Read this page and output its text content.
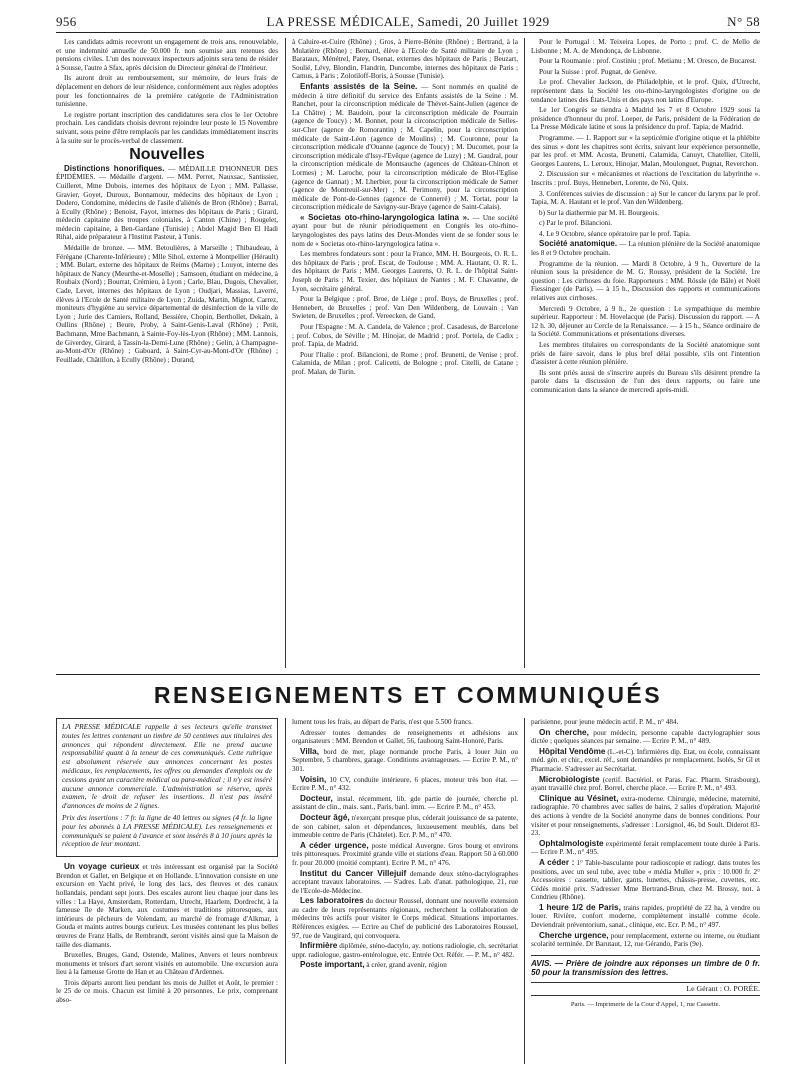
956	LA PRESSE MÉDICALE, Samedi, 20 Juillet 1929	N° 58

Les candidats admis recevront un engagement de trois ans, renouvelable, et une indemnité annuelle de 50.000 fr. non soumise aux retenues des pensions civiles. L'un des nouveaux inspecteurs adjoints sera tenu de résider à Sousse, l'autre à Sfax, après décision du Directeur général de l'Intérieur.

Ils auront droit au remboursement, sur mémoire, de leurs frais de déplacement en dehors de leur résidence, conformément aux règles adoptées pour les fonctionnaires de la première catégorie de l'Administration tunisienne.

Le registre portant inscription des candidatures sera clos le 1er Octobre prochain. Les candidats choisis devront rejoindre leur poste le 15 Novembre suivant, sous peine d'être remplacés par les candidats immédiatement inscrits à la suite sur le procès-verbal de classement.

Nouvelles

Distinctions honorifiques. — MÉDAILLE D'HONNEUR DES ÉPIDÉMIES. — Médaille d'argent. — MM. Perret, Nauxsac, Santissier, Cuilleret, Mme Dubois, internes des hôpitaux de Lyon ; MM. Pallasse, Gravier, Goyet, Duroux, Bonnamour, médecins des hôpitaux de Lyon ; Dodero, Condomine, médecins de l'asile d'aliénés de Bron (Rhône) ; Barral, à Ecully (Rhône) ; Benoist, Fayot, internes des hôpitaux de Paris ; Girard, médecin capitaine des troupes coloniales, à Canton (Chine) ; Rougelet, médecin capitaine, à Ben-Gardane (Tunisie) ; Abdel Magid Ben El Hadi Rihal, aide préparateur à l'Institut Pasteur, à Tunis.

Médaille de bronze. — MM. Betoulières, à Marseille ; Thibaudeau, à Férégane (Charente-Inférieure) ; Mlle Sihol, externe à Montpellier (Hérault) ; MM. Bulart, externe des hôpitaux de Reims (Marne) ; Louyot, interne des hôpitaux de Nancy (Meurthe-et-Moselle) ; Samsoen, étudiant en médecine, à Roubaix (Nord) ; Bourrat, Crémieu, à Lyon ; Carle, Blau, Dugois, Chevalier, Cade, Levet, internes des hôpitaux de Lyon ; Oudjari, Massias, Laverré, élèves à l'Ecole de Santé militaire de Lyon ; Zuida, Martin, Mignot, Carrez, moniteurs d'hygiène au service départemental de désinfection de la ville de Lyon ; Jurie des Camiers, Rolland, Bessière, Chopin, Berthollet, Dekain, à Oullins (Rhône) ; Beure, Proby, à Saint-Genis-Laval (Rhône) ; Petit, Bachmann, Mme Bachmann, à Sainte-Foy-lès-Lyon (Rhône) ; MM. Lannois, de Giverdey, Girard, à Tassin-la-Demi-Lune (Rhône) ; Gelin, à Champagne-au-Mont-d'Or (Rhône) ; Gaboard, à Saint-Cyr-au-Mont-d'Or (Rhône) ; Feuillade, Châtillon, à Ecully (Rhône) ; Durand,

à Caluire-et-Cuire (Rhône) ; Gros, à Pierre-Bénite (Rhône) ; Bertrand, à la Mulatière (Rhône) ; Bernard, élève à l'Ecole de Santé militaire de Lyon ; Barataux, Ménétrel, Patey, Osenat, externes des hôpitaux de Paris ; Beuzart, Soulié, Lévy, Blondin, Flandrin, Duncombe, internes des hôpitaux de Paris ; Camus, à Paris ; Zolotiloff-Boris, à Sousse (Tunisie).

Enfants assistés de la Seine. — Sont nommés en qualité de médecin à titre définitif du service des Enfants assistés de la Seine : M. Ranchet, pour la circonscription médicale de Thévet-Saint-Julien (agence de La Châtre) ; M. Baudoin, pour la circonscription médicale de Pourrain (agence de Toucy) ; M. Bonnet, pour la circonscription médicale de Selles-sur-Cher (agence de Romorantin) ; M. Capelin, pour la circonscription médicale de Saint-Léon (agence de Moulins) ; M. Couronne, pour la circonscription médicale d'Ouanne (agence de Toucy) ; M. Ducomet, pour la circonscription médicale d'Issy-l'Evêque (agence de Luzy) ; M. Gaudral, pour la circonscription médicale de Montsauche (agences de Château-Chinon et Lormes) ; M. Laroche, pour la circonscription médicale de Blot-l'Eglise (agence de Gannat) ; M. Lherbier, pour la circonscription médicale de Samer (agence de Montreuil-sur-Mer) ; M. Perimony, pour la circonscription médicale de Pont-de-Gennes (agence de Connerré) ; M. Tortat, pour la circonscription médicale de Savigny-sur-Braye (agence de Saint-Calais).

« Societas oto-rhino-laryngologica latina ». — Une société ayant pour but de réunir périodiquement en Congrès les oto-rhino-laryngologistes des pays latins des Deux-Mondes vient de se fonder sous le nom de « Societas oto-rhino-laryngologica latina ».

Les membres fondateurs sont : pour la France, MM. H. Bourgeois, O. R. L. des hôpitaux de Paris ; prof. Escat, de Toulouse ; MM. A. Hautant, O. R. L. des hôpitaux de Paris ; MM. Georges Laurens, O. R. L. de l'hôpital Saint-Joseph de Paris ; M. Texier, des hôpitaux de Nantes ; M. F. Chavanne, de Lyon, secrétaire général.

Pour la Belgique : prof. Broe, de Liège ; prof. Buys, de Bruxelles ; prof. Hennebert, de Bruxelles ; prof. Van Den Wildenberg, de Louvain ; Van Swieten, de Bruxelles ; prof. Vereecken, de Gand.

Pour l'Espagne : M. A. Candela, de Valence ; prof. Casadesus, de Barcelone ; prof. Cobos, de Séville ; M. Hinojar, de Madrid ; prof. Portela, de Cadix ; prof. Tapia, de Madrid.

Pour l'Italie : prof. Bilancioni, de Rome ; prof. Brunetti, de Venise ; prof. Calamida, de Milan ; prof. Calicetti, de Bologne ; prof. Citelli, de Catane ; prof. Malan, de Turin.

Pour le Portugal : M. Teixeira Lopes, de Porto ; prof. C. de Mello de Lisbonne ; M. A. de Mendonça, de Lisbonne.

Pour la Roumanie : prof. Costiniu ; prof. Metianu ; M. Oresco, de Bucarest.

Pour la Suisse : prof. Pugnat, de Genève.

Le prof. Chevalier Jackson, de Philadelphie, et le prof. Quix, d'Utrecht, représentent dans la Société les oto-rhino-laryngologistes d'origine ou de tendance latines des États-Unis et des pays non latins d'Europe.

Le 1er Congrès se tiendra à Madrid les 7 et 8 Octobre 1929 sous la présidence d'honneur du prof. Loeper, de Paris, président de la Fédération de La Presse Médicale latine et sous la présidence du prof. Tapia, de Madrid.

Programme. — 1. Rapport sur « la septicémie d'origine otique et la phlébite des sinus » dont les chapitres sont écrits, suivant leur expérience personnelle, par les prof. et MM. Acosta, Brunetti, Calamida, Canuyt, Chatellier, Citelli, Georges Laurens, L. Leroux, Hinojar, Malan, Moulonguet, Pugnat, Reverchon.

2. Discussion sur « mécanismes et réactions de l'excitation du labyrinthe ». Inscrits : prof. Buys, Hennebert, Lorente, de Nó, Quix.

3. Conférences suivies de discussion : a) Sur le cancer du larynx par le prof. Tapia, M. A. Hautant et le prof. Van den Wildenberg.

b) Sur la diathermie par M. H. Bourgeois.

c) Par le prof. Bilancioni.

4. Le 9 Octobre, séance opératoire par le prof. Tapia.

Société anatomique. — La réunion plénière de la Société anatomique les 8 et 9 Octobre prochain.

Programme de la réunion. — Mardi 8 Octobre, à 9 h., Ouverture de la réunion sous la présidence de M. G. Roussy, président de la Société. 1re question : Les cirrhoses du foie. Rapporteurs : MM. Rössle (de Bâle) et Noël Fiessinger (de Paris). — à 15 h., Discussion des rapports et communications relatives aux cirrhoses.

Mercredi 9 Octobre, à 9 h., 2e question : Le sympathique du membre supérieur. Rapporteur : M. Hovelacque (de Paris). Discussion du rapport. — A 12 h. 30, déjeuner au Cercle de la Renaissance. — à 15 h., Séance ordinaire de la Société. Communications et présentations diverses.

Les membres titulaires ou correspondants de la Société anatomique sont priés de faire savoir, dans le plus bref délai possible, s'ils ont l'intention d'assister à cette réunion plénière.

Ils sont priés aussi de s'inscrire auprès du Bureau s'ils désirent prendre la parole dans la discussion de l'un des deux rapports, ou faire une communication dans la séance de mercredi après-midi.

RENSEIGNEMENTS ET COMMUNIQUÉS

LA PRESSE MÉDICALE rappelle à ses lecteurs qu'elle transmet toutes les lettres contenant un timbre de 50 centimes aux titulaires des annonces qui répondent directement. Elle ne prend aucune responsabilité quant à la teneur de ces communiqués. Cette rubrique est absolument réservée aux annonces concernant les postes médicaux, les remplacements, les offres ou demandes d'emplois ou de cessions ayant un caractère médical ou para-médical ; il n'y est inséré aucune annonce commerciale. L'administration se réserve, après examen, le droit de refuser les insertions. Il n'est pas inséré d'annonces de moins de 2 lignes.

Prix des insertions : 7 fr. la ligne de 40 lettres ou signes (4 fr. la ligne pour les abonnés à LA PRESSE MÉDICALE). Les renseignements et communiqués se paient à l'avance et sont insérés 8 à 10 jours après la réception de leur montant.

Un voyage curieux et très intéressant est organisé par la Société Brendon et Gallet, en Belgique et en Hollande. L'innovation consiste en une excursion en Yacht privé, le long des lacs, des fleuves et des canaux hollandais, pendant sept jours. Des escales auront lieu chaque jour dans les villes : La Haye, Amsterdam, Rotterdam, Utrecht, Haarlem, Dordrecht, à la fameuse île de Marken, aux costumes et traditions pittoresques, aux intérieurs de pêcheurs de Volendam, au marché de fromage d'Alkmar, à Gouda et maints autres bourgs curieux. Les musées contenant les plus belles œuvres de Franz Halls, de Rembrandt, seront visités ainsi que la Maison de taille des diamants.

Bruxelles, Bruges, Gand, Ostende, Malines, Anvers et leurs nombreux monuments et trésors d'art seront visités en automobile. Une excursion aura lieu à la fameuse Grotte de Han et au Château d'Ardennes.

Trois départs auront lieu pendant les mois de Juillet et Août, le premier : le 25 de ce mois. Chacun est limité à 20 personnes. Le prix, comprenant abso-

lument tous les frais, au départ de Paris, n'est que 5.500 francs.

Adresser toutes demandes de renseignements et adhésions aux organisateurs : MM. Brendon et Gallet, 56, faubourg Saint-Honoré, Paris.

Villa, bord de mer, plage normande proche Paris, à louer Juin ou Septembre, 5 chambres, garage. Conditions avantageuses. — Ecrire P. M., n° 301.

Voisin, 10 CV, conduite intérieure, 6 places, moteur très bon état. — Ecrire P. M., n° 432.

Docteur, instal. récemment, lib. gde partie de journée, cherche pl. assistant de clin., mais. sant., Paris, banl. imm. — Ecrire P. M., n° 453.

Docteur âgé, n'exerçant presque plus, céderait jouissance de sa patente, de son cabinet, salon et dépendances, luxueusement meublés, dans bel immeuble centre de Paris (Châtelet). Ecr. P. M., n° 470.

A céder urgence, poste médical Auvergne. Gros bourg et environs très pittoresques. Proximité grande ville et stations d'eau. Rapport 50 à 60.000 fr. pour 20.000 (moitié comptant). Ecrire P. M., n° 476.

Institut du Cancer Villejuif demande deux sténo-dactylographes acceptant travaux laboratoires. — S'adres. Lab. d'anat. pathologique, 21, rue de l'Ecole-de-Médecine.

Les laboratoires du docteur Roussel, donnant une nouvelle extension au cadre de leurs représentants régionaux, recherchent la collaboration de médecins très actifs pour visiter le Corps médical. Situations importantes. Références exigées. — Ecrire au Chef de publicité des Laboratoires Roussel, 97, rue de Vaugirard, qui convoquera.

Infirmière diplômée, sténo-dactylo, ay. notions radiologie, ch. secrétariat uppr. radiologue, gastro-entérologue, etc. Entrée Oct. Référ. — P. M., n° 482.

Poste important, à créer, grand avenir, région

parisienne, pour jeune médecin actif. P. M., n° 484.

On cherche, pour médecin, personne capable dactylographier sous dictée ; quelques séances par semaine. — Ecrire P. M., n° 489.

Hôpital Vendôme (L.-et-C). Infirmières dip. Etat, ou école, connaissant méd. gén. et chir., excel. réf., sont demandées pr remplacement. Isolés, Sr Gl et Pharmacie. S'adresser au Secrétariat.

Microbiologiste (certif. Bactériol. et Paras. Fac. Pharm. Strasbourg), ayant travaillé chez prof. Borrel, cherche place. — Ecrire P. M., n° 493.

Clinique au Vésinet, extra-moderne. Chirurgie, médecine, maternité, radiographie. 70 chambres avec salles de bains, 2 salles d'opération. Majorité des actions à vendre de la Société anonyme dans de bonnes conditions. Pour visiter et pour renseignements, s'adresser : Lorsignol, 46, bd Soult. Diderot 83-23.

Ophtalmologiste expérimenté ferait remplacement toute durée à Paris. — Ecrire P. M., n° 495.

A céder : 1° Table-basculante pour radioscopie et radiogr. dans toutes les positions, avec un seul tube, avec tube « média Muller », prix : 10.000 fr. 2° Accessoires : cassette, tablier, gants, lunettes, châssis-presse, cuvettes, etc. Cédés moitié prix. S'adresser Mme Bertrand-Brun, chez M. Brossy, not. à Condrieu (Rhône).

1 heure 1/2 de Paris, trains rapides, propriété de 22 ha, à vendre ou louer. Rivière, confort moderne, complètement installé comme école. Deviendrait préventorium, sanat., clinique, etc. Ecr. P. M., n° 497.

Cherche urgence, pour remplacement, externe ou interne, ou étudiant scolarité terminée. Dr Barutaut, 12, rue Gérando, Paris (9e).

AVIS. — Prière de joindre aux réponses un timbre de 0 fr. 50 pour la transmission des lettres.
Le Gérant : O. PORÉE.
Paris. — Imprimerie de la Cour d'Appel, 1, rue Cassette.
